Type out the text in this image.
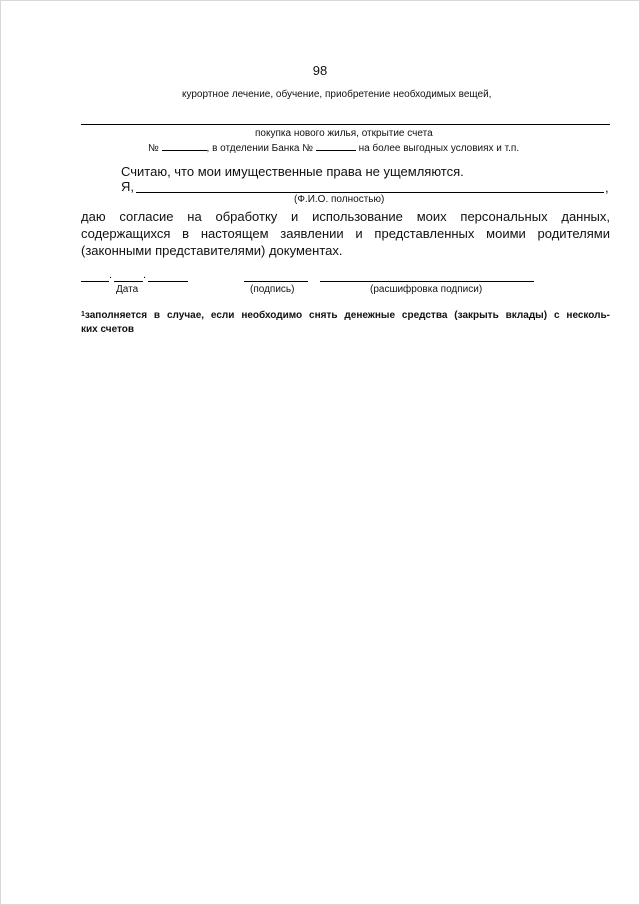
98
курортное лечение, обучение, приобретение необходимых вещей,
покупка нового жилья, открытие счета
№	, в отделении Банка №	на более выгодных условиях и т.п.
Считаю, что мои имущественные права не ущемляются.
Я,	,
(Ф.И.О. полностью)
даю согласие на обработку и использование моих персональных данных,
содержащихся в настоящем заявлении и представленных моими родителями
(законными представителями) документах.
.	.
Дата	(подпись)	(расшифровка подписи)
$^1$заполняется в случае, если необходимо снять денежные средства (закрыть вклады) с несколь-
ких счетов
